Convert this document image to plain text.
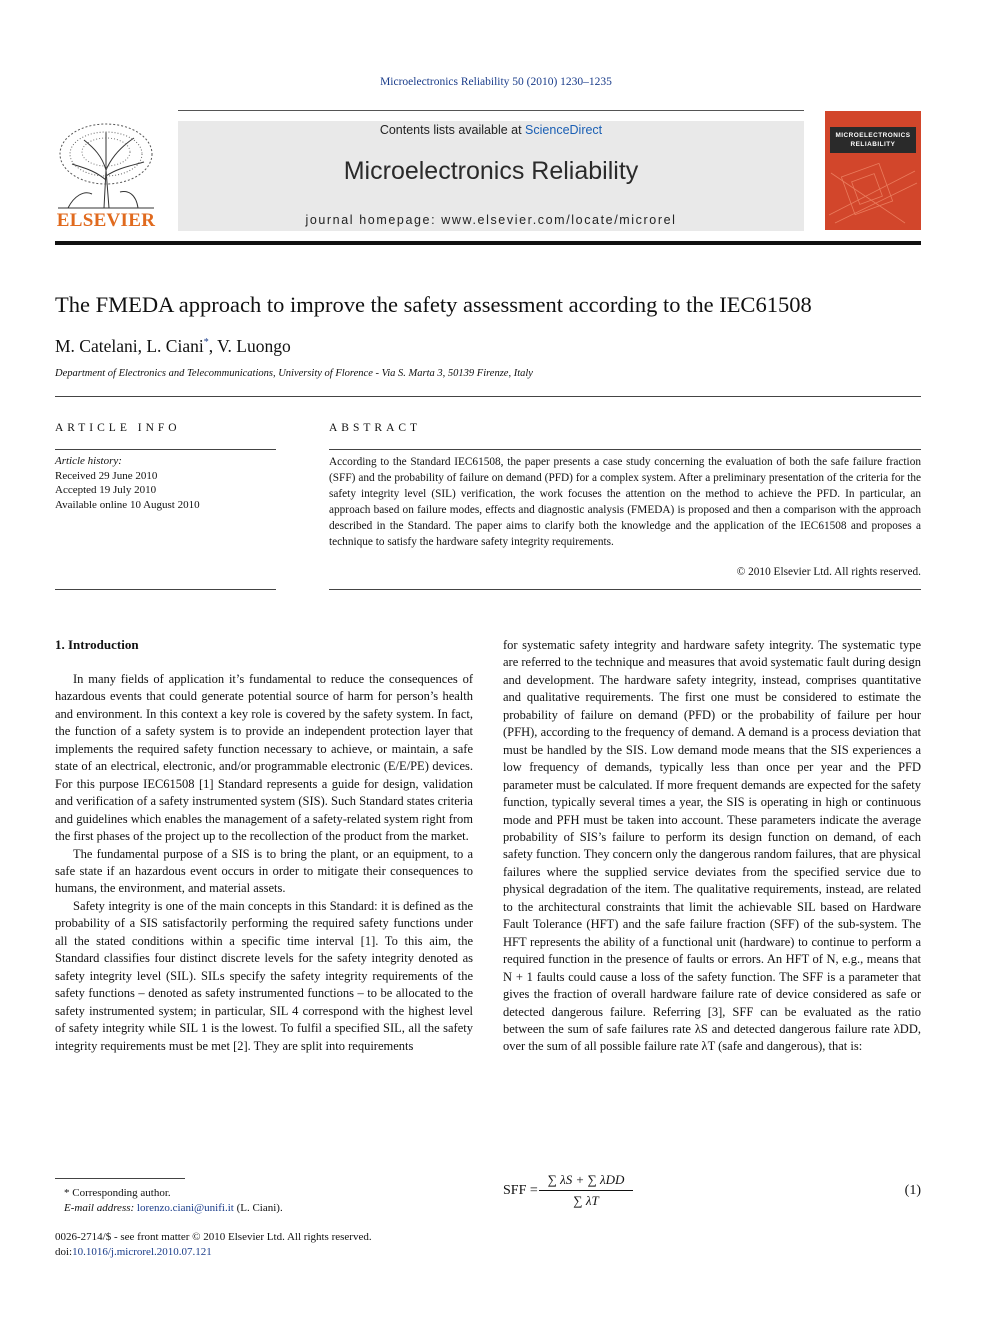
Microelectronics Reliability 50 (2010) 1230–1235
ELSEVIER
Contents lists available at ScienceDirect
Microelectronics Reliability
journal homepage: www.elsevier.com/locate/microrel
MICROELECTRONICS
RELIABILITY
The FMEDA approach to improve the safety assessment according to the IEC61508
M. Catelani, L. Ciani*, V. Luongo
Department of Electronics and Telecommunications, University of Florence - Via S. Marta 3, 50139 Firenze, Italy
ARTICLE INFO
Article history:
Received 29 June 2010
Accepted 19 July 2010
Available online 10 August 2010
ABSTRACT
According to the Standard IEC61508, the paper presents a case study concerning the evaluation of both the safe failure fraction (SFF) and the probability of failure on demand (PFD) for a complex system. After a preliminary presentation of the criteria for the safety integrity level (SIL) verification, the work focuses the attention on the method to achieve the PFD. In particular, an approach based on failure modes, effects and diagnostic analysis (FMEDA) is proposed and then a comparison with the approach described in the Standard. The paper aims to clarify both the knowledge and the application of the IEC61508 and proposes a technique to satisfy the hardware safety integrity requirements.
© 2010 Elsevier Ltd. All rights reserved.
1. Introduction

In many fields of application it’s fundamental to reduce the consequences of hazardous events that could generate potential source of harm for person’s health and environment. In this context a key role is covered by the safety system. In fact, the function of a safety system is to provide an independent protection layer that implements the required safety function necessary to achieve, or maintain, a safe state of an electrical, electronic, and/or programmable electronic (E/E/PE) devices. For this purpose IEC61508 [1] Standard represents a guide for design, validation and verification of a safety instrumented system (SIS). Such Standard states criteria and guidelines which enables the management of a safety-related system right from the first phases of the project up to the recollection of the product from the market.

The fundamental purpose of a SIS is to bring the plant, or an equipment, to a safe state if an hazardous event occurs in order to mitigate their consequences to humans, the environment, and material assets.

Safety integrity is one of the main concepts in this Standard: it is defined as the probability of a SIS satisfactorily performing the required safety functions under all the stated conditions within a specific time interval [1]. To this aim, the Standard classifies four distinct discrete levels for the safety integrity denoted as safety integrity level (SIL). SILs specify the safety integrity requirements of the safety functions – denoted as safety instrumented functions – to be allocated to the safety instrumented system; in particular, SIL 4 correspond with the highest level of safety integrity while SIL 1 is the lowest. To fulfil a specified SIL, all the safety integrity requirements must be met [2]. They are split into requirements

for systematic safety integrity and hardware safety integrity. The systematic type are referred to the technique and measures that avoid systematic fault during design and development. The hardware safety integrity, instead, comprises quantitative and qualitative requirements. The first one must be considered to estimate the probability of failure on demand (PFD) or the probability of failure per hour (PFH), according to the frequency of demand. A demand is a process deviation that must be handled by the SIS. Low demand mode means that the SIS experiences a low frequency of demands, typically less than once per year and the PFD parameter must be calculated. If more frequent demands are expected for the safety function, typically several times a year, the SIS is operating in high or continuous mode and PFH must be taken into account. These parameters indicate the average probability of SIS’s failure to perform its design function on demand, of each safety function. They concern only the dangerous random failures, that are physical failures where the supplied service deviates from the specified service due to physical degradation of the item. The qualitative requirements, instead, are related to the architectural constraints that limit the achievable SIL based on Hardware Fault Tolerance (HFT) and the safe failure fraction (SFF) of the sub-system. The HFT represents the ability of a functional unit (hardware) to continue to perform a required function in the presence of faults or errors. An HFT of N, e.g., means that N + 1 faults could cause a loss of the safety function. The SFF is a parameter that gives the fraction of overall hardware failure rate of device considered as safe or detected dangerous failure. Referring [3], SFF can be evaluated as the ratio between the sum of safe failures rate λS and detected dangerous failure rate λDD, over the sum of all possible failure rate λT (safe and dangerous), that is:

SFF =
∑ λS + ∑ λDD
∑ λT
(1)
* Corresponding author.
E-mail address: lorenzo.ciani@unifi.it (L. Ciani).
0026-2714/$ - see front matter © 2010 Elsevier Ltd. All rights reserved.
doi:10.1016/j.microrel.2010.07.121
